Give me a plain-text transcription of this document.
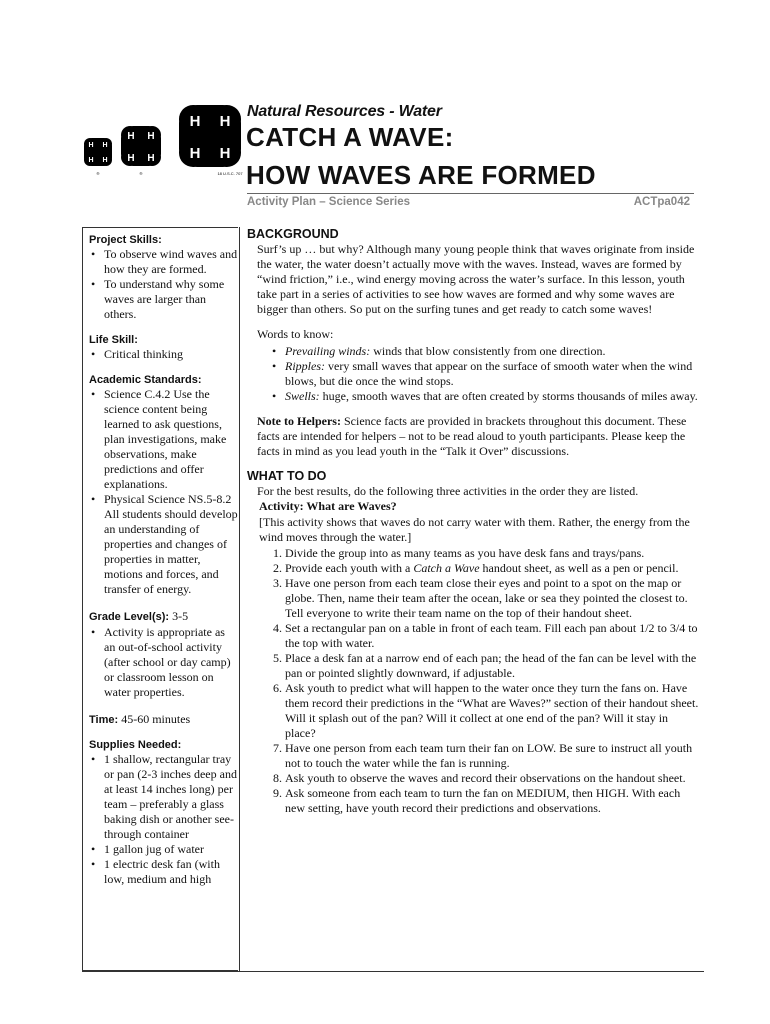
H H
H H
H H
H H
H H
H H
®	®	18 U.S.C. 707
Natural Resources - Water
CATCH A WAVE:
HOW WAVES ARE FORMED
Activity Plan – Science Series	ACTpa042
Project Skills:
• To observe wind waves and how they are formed.
• To understand why some waves are larger than others.
Life Skill:
• Critical thinking
Academic Standards:
• Science C.4.2 Use the science content being learned to ask questions, plan investigations, make observations, make predictions and offer explanations.
• Physical Science NS.5-8.2 All students should develop an understanding of properties and changes of properties in matter, motions and forces, and transfer of energy.
Grade Level(s): 3-5
• Activity is appropriate as an out-of-school activity (after school or day camp) or classroom lesson on water properties.
Time: 45-60 minutes
Supplies Needed:
• 1 shallow, rectangular tray or pan (2-3 inches deep and at least 14 inches long) per team – preferably a glass baking dish or another see-through container
• 1 gallon jug of water
• 1 electric desk fan (with low, medium and high
BACKGROUND
Surf’s up … but why? Although many young people think that waves originate from inside the water, the water doesn’t actually move with the waves. Instead, waves are formed by “wind friction,” i.e., wind energy moving across the water’s surface. In this lesson, youth take part in a series of activities to see how waves are formed and why some waves are bigger than others. So put on the surfing tunes and get ready to catch some waves!
Words to know:
• Prevailing winds: winds that blow consistently from one direction.
• Ripples: very small waves that appear on the surface of smooth water when the wind blows, but die once the wind stops.
• Swells: huge, smooth waves that are often created by storms thousands of miles away.
Note to Helpers: Science facts are provided in brackets throughout this document. These facts are intended for helpers – not to be read aloud to youth participants. Please keep the facts in mind as you lead youth in the “Talk it Over” discussions.
WHAT TO DO
For the best results, do the following three activities in the order they are listed.
Activity: What are Waves?
[This activity shows that waves do not carry water with them. Rather, the energy from the wind moves through the water.]
1. Divide the group into as many teams as you have desk fans and trays/pans.
2. Provide each youth with a Catch a Wave handout sheet, as well as a pen or pencil.
3. Have one person from each team close their eyes and point to a spot on the map or globe. Then, name their team after the ocean, lake or sea they pointed the closest to. Tell everyone to write their team name on the top of their handout sheet.
4. Set a rectangular pan on a table in front of each team. Fill each pan about 1/2 to 3/4 to the top with water.
5. Place a desk fan at a narrow end of each pan; the head of the fan can be level with the pan or pointed slightly downward, if adjustable.
6. Ask youth to predict what will happen to the water once they turn the fans on. Have them record their predictions in the “What are Waves?” section of their handout sheet. Will it splash out of the pan? Will it collect at one end of the pan? Will it stay in place?
7. Have one person from each team turn their fan on LOW. Be sure to instruct all youth not to touch the water while the fan is running.
8. Ask youth to observe the waves and record their observations on the handout sheet.
9. Ask someone from each team to turn the fan on MEDIUM, then HIGH. With each new setting, have youth record their predictions and observations.
